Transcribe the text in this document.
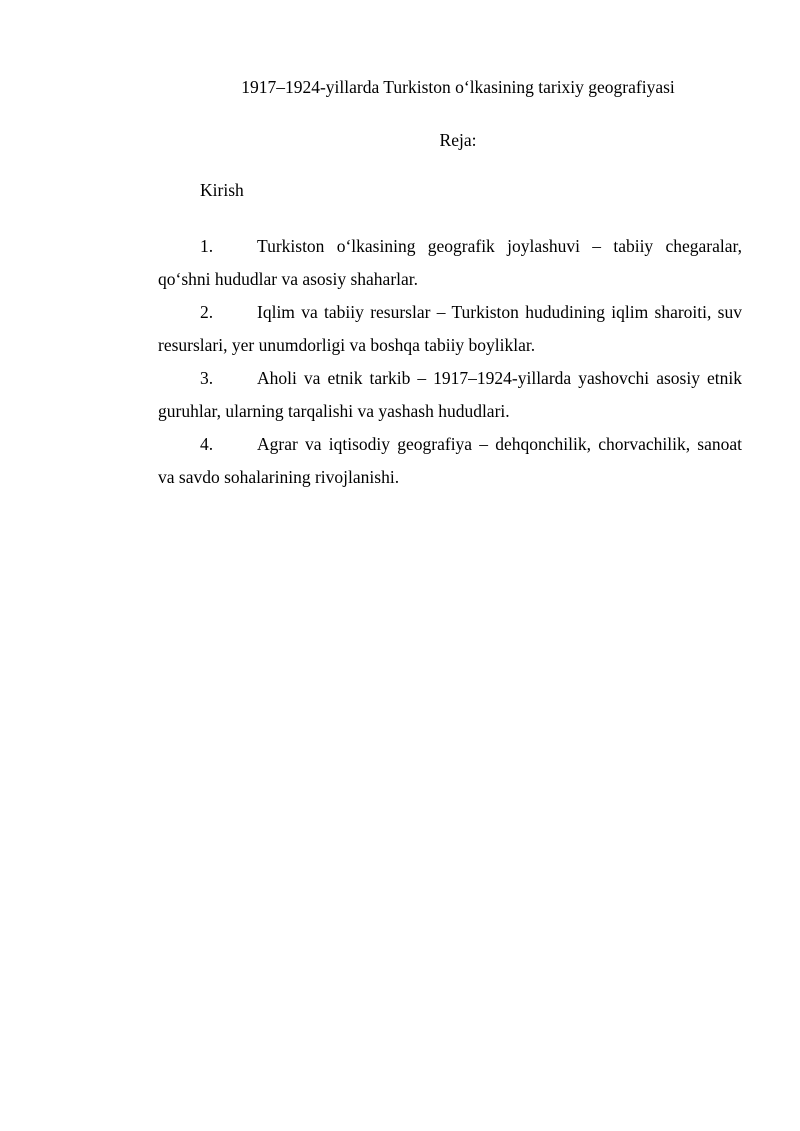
1917–1924-yillarda Turkiston o‘lkasining tarixiy geografiyasi
Reja:
Kirish
1.	Turkiston o‘lkasining geografik joylashuvi – tabiiy chegaralar, qo‘shni hududlar va asosiy shaharlar.
2.	Iqlim va tabiiy resurslar – Turkiston hududining iqlim sharoiti, suv resurslari, yer unumdorligi va boshqa tabiiy boyliklar.
3.	Aholi va etnik tarkib – 1917–1924-yillarda yashovchi asosiy etnik guruhlar, ularning tarqalishi va yashash hududlari.
4.	Agrar va iqtisodiy geografiya – dehqonchilik, chorvachilik, sanoat va savdo sohalarining rivojlanishi.
